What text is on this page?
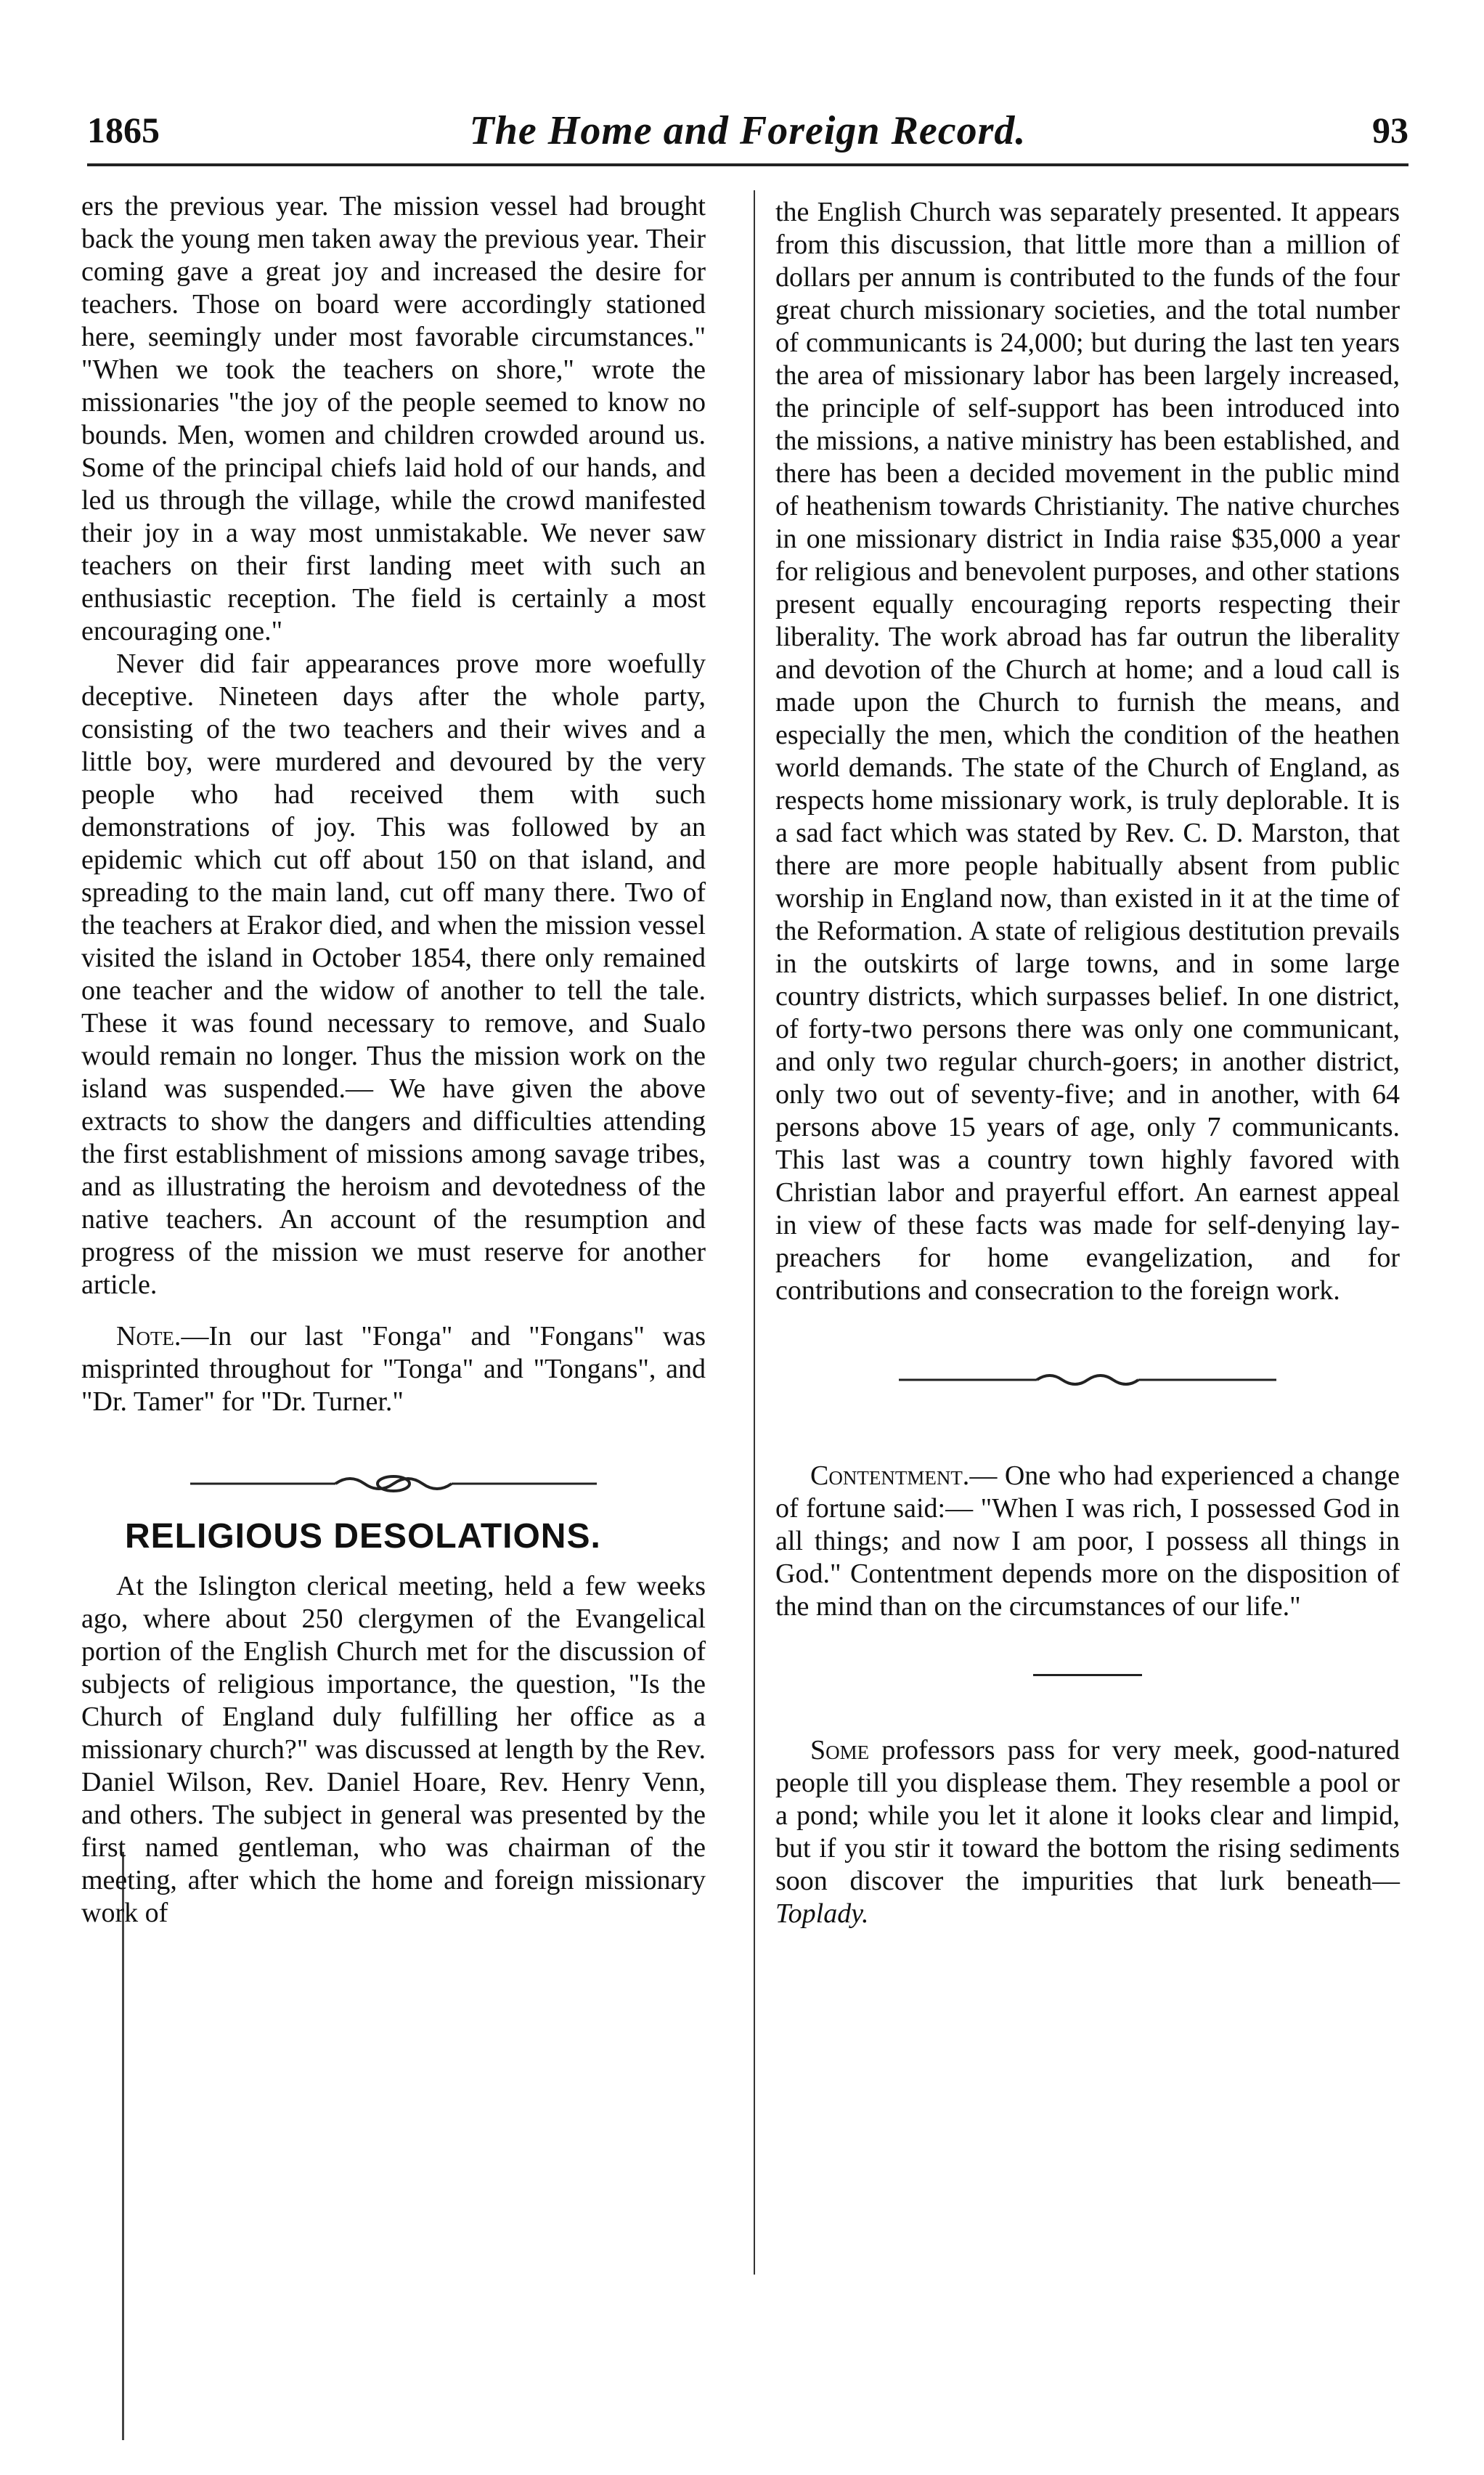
1865	The Home and Foreign Record.	93

ers the previous year. The mission vessel had brought back the young men taken away the previous year. Their coming gave a great joy and increased the desire for teachers. Those on board were accordingly stationed here, seemingly under most favorable circumstances." "When we took the teachers on shore," wrote the missionaries "the joy of the people seemed to know no bounds. Men, women and children crowded around us. Some of the principal chiefs laid hold of our hands, and led us through the village, while the crowd manifested their joy in a way most unmistakable. We never saw teachers on their first landing meet with such an enthusiastic reception. The field is certainly a most encouraging one."

Never did fair appearances prove more woefully deceptive. Nineteen days after the whole party, consisting of the two teachers and their wives and a little boy, were murdered and devoured by the very people who had received them with such demonstrations of joy. This was followed by an epidemic which cut off about 150 on that island, and spreading to the main land, cut off many there. Two of the teachers at Erakor died, and when the mission vessel visited the island in October 1854, there only remained one teacher and the widow of another to tell the tale. These it was found necessary to remove, and Sualo would remain no longer. Thus the mission work on the island was suspended.— We have given the above extracts to show the dangers and difficulties attending the first establishment of missions among savage tribes, and as illustrating the heroism and devotedness of the native teachers. An account of the resumption and progress of the mission we must reserve for another article.

Note.—In our last "Fonga" and "Fongans" was misprinted throughout for "Tonga" and "Tongans", and "Dr. Tamer" for "Dr. Turner."

RELIGIOUS DESOLATIONS.

At the Islington clerical meeting, held a few weeks ago, where about 250 clergymen of the Evangelical portion of the English Church met for the discussion of subjects of religious importance, the question, "Is the Church of England duly fulfilling her office as a missionary church?" was discussed at length by the Rev. Daniel Wilson, Rev. Daniel Hoare, Rev. Henry Venn, and others. The subject in general was presented by the first named gentleman, who was chairman of the meeting, after which the home and foreign missionary work of

the English Church was separately presented. It appears from this discussion, that little more than a million of dollars per annum is contributed to the funds of the four great church missionary societies, and the total number of communicants is 24,000; but during the last ten years the area of missionary labor has been largely increased, the principle of self-support has been introduced into the missions, a native ministry has been established, and there has been a decided movement in the public mind of heathenism towards Christianity. The native churches in one missionary district in India raise $35,000 a year for religious and benevolent purposes, and other stations present equally encouraging reports respecting their liberality. The work abroad has far outrun the liberality and devotion of the Church at home; and a loud call is made upon the Church to furnish the means, and especially the men, which the condition of the heathen world demands. The state of the Church of England, as respects home missionary work, is truly deplorable. It is a sad fact which was stated by Rev. C. D. Marston, that there are more people habitually absent from public worship in England now, than existed in it at the time of the Reformation. A state of religious destitution prevails in the outskirts of large towns, and in some large country districts, which surpasses belief. In one district, of forty-two persons there was only one communicant, and only two regular church-goers; in another district, only two out of seventy-five; and in another, with 64 persons above 15 years of age, only 7 communicants. This last was a country town highly favored with Christian labor and prayerful effort. An earnest appeal in view of these facts was made for self-denying lay-preachers for home evangelization, and for contributions and consecration to the foreign work.

Contentment.— One who had experienced a change of fortune said:— "When I was rich, I possessed God in all things; and now I am poor, I possess all things in God." Contentment depends more on the disposition of the mind than on the circumstances of our life."

Some professors pass for very meek, good-natured people till you displease them. They resemble a pool or a pond; while you let it alone it looks clear and limpid, but if you stir it toward the bottom the rising sediments soon discover the impurities that lurk beneath—Toplady.
